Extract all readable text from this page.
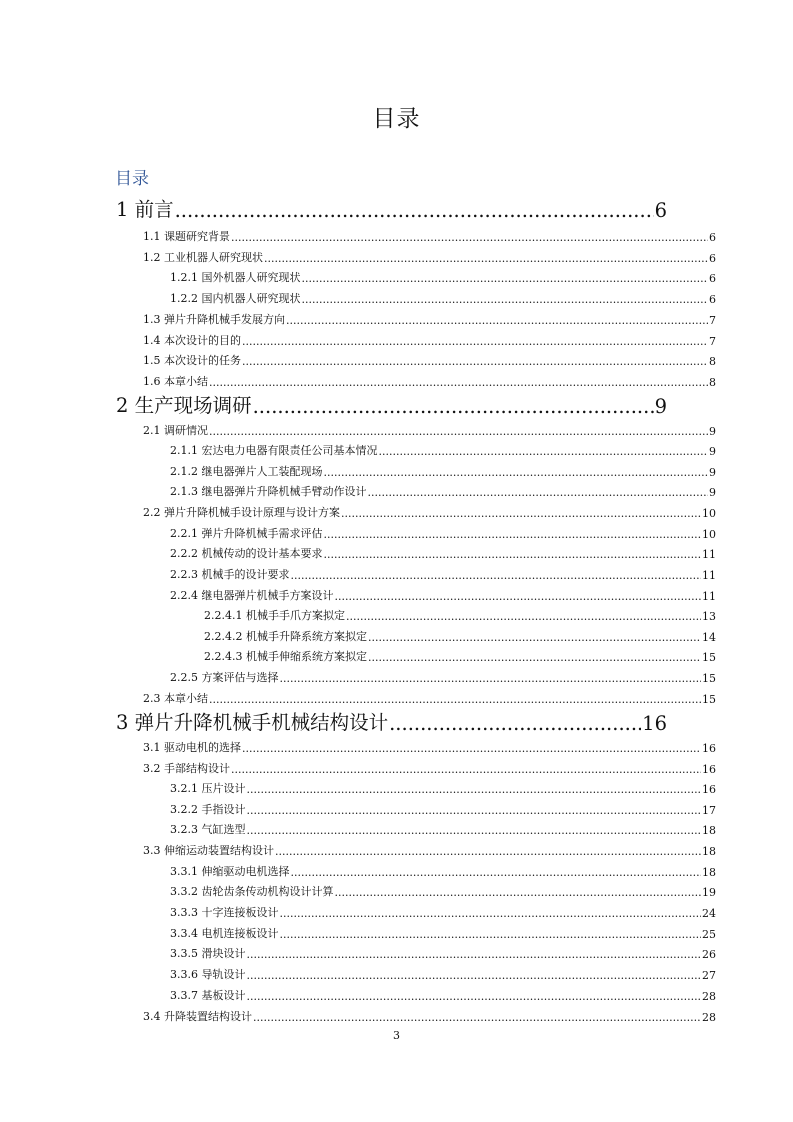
目录
目录
1 前言 .....	6
1.1 课题研究背景 .....	6
1.2 工业机器人研究现状 .....	6
1.2.1 国外机器人研究现状 .....	6
1.2.2 国内机器人研究现状 .....	6
1.3 弹片升降机械手发展方向 .....	7
1.4 本次设计的目的 .....	7
1.5 本次设计的任务 .....	8
1.6 本章小结 .....	8
2 生产现场调研 .....	9
2.1 调研情况 .....	9
2.1.1 宏达电力电器有限责任公司基本情况 .....	9
2.1.2 继电器弹片人工装配现场 .....	9
2.1.3 继电器弹片升降机械手臂动作设计 .....	9
2.2 弹片升降机械手设计原理与设计方案 .....	10
2.2.1 弹片升降机械手需求评估 .....	10
2.2.2 机械传动的设计基本要求 .....	11
2.2.3 机械手的设计要求 .....	11
2.2.4 继电器弹片机械手方案设计 .....	11
2.2.4.1 机械手手爪方案拟定 .....	13
2.2.4.2 机械手升降系统方案拟定 .....	14
2.2.4.3 机械手伸缩系统方案拟定 .....	15
2.2.5 方案评估与选择 .....	15
2.3 本章小结 .....	15
3 弹片升降机械手机械结构设计 .....	16
3.1 驱动电机的选择 .....	16
3.2 手部结构设计 .....	16
3.2.1 压片设计 .....	16
3.2.2 手指设计 .....	17
3.2.3 气缸选型 .....	18
3.3 伸缩运动装置结构设计 .....	18
3.3.1 伸缩驱动电机选择 .....	18
3.3.2 齿轮齿条传动机构设计计算 .....	19
3.3.3 十字连接板设计 .....	24
3.3.4 电机连接板设计 .....	25
3.3.5 滑块设计 .....	26
3.3.6 导轨设计 .....	27
3.3.7 基板设计 .....	28
3.4 升降装置结构设计 .....	28
3
